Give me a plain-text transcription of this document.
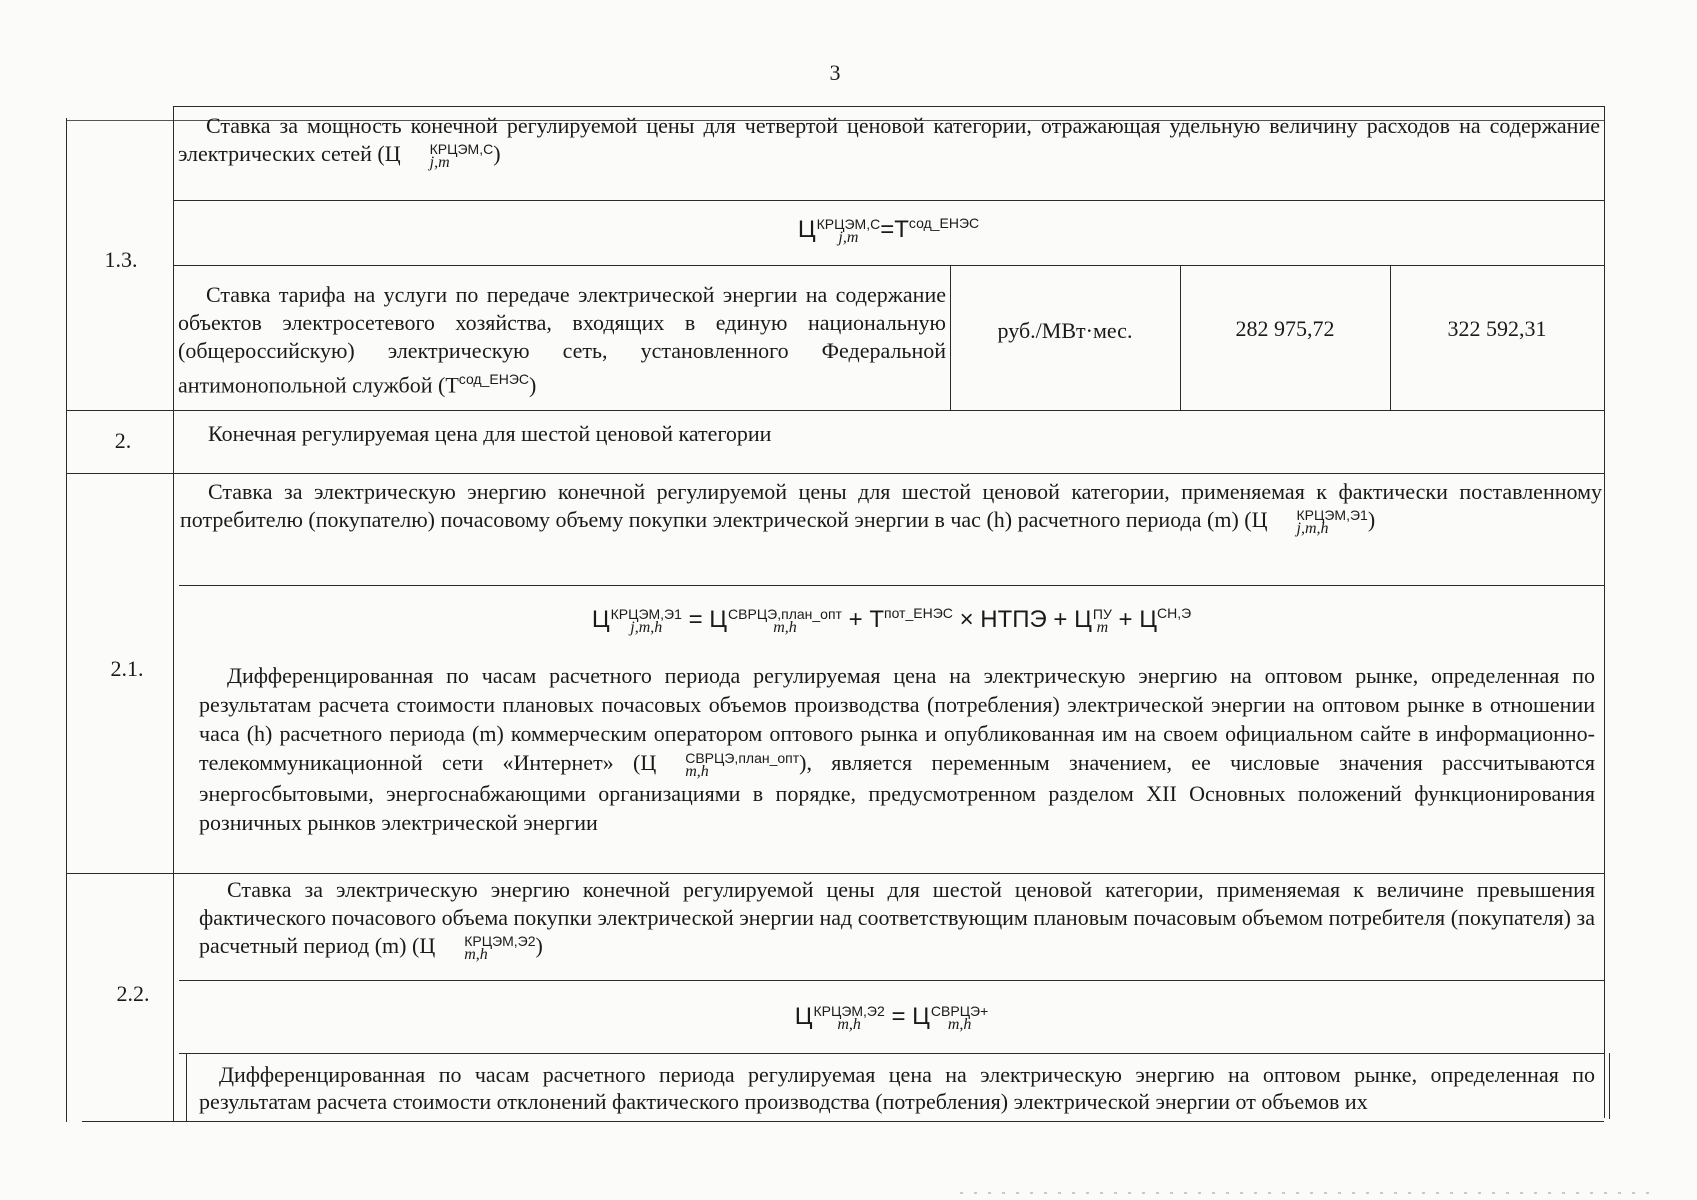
3
1.3.
Ставка за мощность конечной регулируемой цены для четвертой ценовой категории, отражающая удельную величину расходов на содержание электрических сетей (Ц	КРЦЭМ,С
j,m	)
Ц КРЦЭМ,С
$j,m =Т^{сод\_ЕНЭС}$
Ставка тарифа на услуги по передаче электрической энергии на содержание объектов электросетевого хозяйства, входящих в единую национальную (общероссийскую) электрическую сеть, установленного Федеральной антимонопольной службой $(Т^{сод\_ЕНЭС})$
руб./МВт·мес.	282 975,72	322 592,31
2.	Конечная регулируемая цена для шестой ценовой категории
2.1.
Ставка за электрическую энергию конечной регулируемой цены для шестой ценовой категории, применяемая к фактически поставленному потребителю (покупателю) почасовому объему покупки электрической энергии в час (h) расчетного периода (m) (Ц	КРЦЭМ,Э1
j,m,h	)
Ц КРЦЭМ,Э1
j,m,h	= Ц СВРЦЭ,план_опт
m,h	+ $Т^{пот\_ЕНЭС}$ × НТПЭ + Ц ПУ
$m + Ц^{СН,Э}$
Дифференцированная по часам расчетного периода регулируемая цена на электрическую энергию на оптовом рынке, определенная по результатам расчета стоимости плановых почасовых объемов производства (потребления) электрической энергии на оптовом рынке в отношении часа (h) расчетного периода (m) коммерческим оператором оптового рынка и опубликованная им на своем официальном сайте в информационно-телекоммуникационной сети «Интернет» (Ц	СВРЦЭ,план_опт
m,h	), является переменным значением, ее числовые значения рассчитываются энергосбытовыми, энергоснабжающими организациями в порядке, предусмотренном разделом XII Основных положений функционирования розничных рынков электрической энергии
2.2.
Ставка за электрическую энергию конечной регулируемой цены для шестой ценовой категории, применяемая к величине превышения фактического почасового объема покупки электрической энергии над соответствующим плановым почасовым объемом потребителя (покупателя) за расчетный период (m) (Ц	КРЦЭМ,Э2
m,h	)
Ц КРЦЭМ,Э2
m,h	= Ц СВРЦЭ+
m,h
Дифференцированная по часам расчетного периода регулируемая цена на электрическую энергию на оптовом рынке, определенная по результатам расчета стоимости отклонений фактического производства (потребления) электрической энергии от объемов их
